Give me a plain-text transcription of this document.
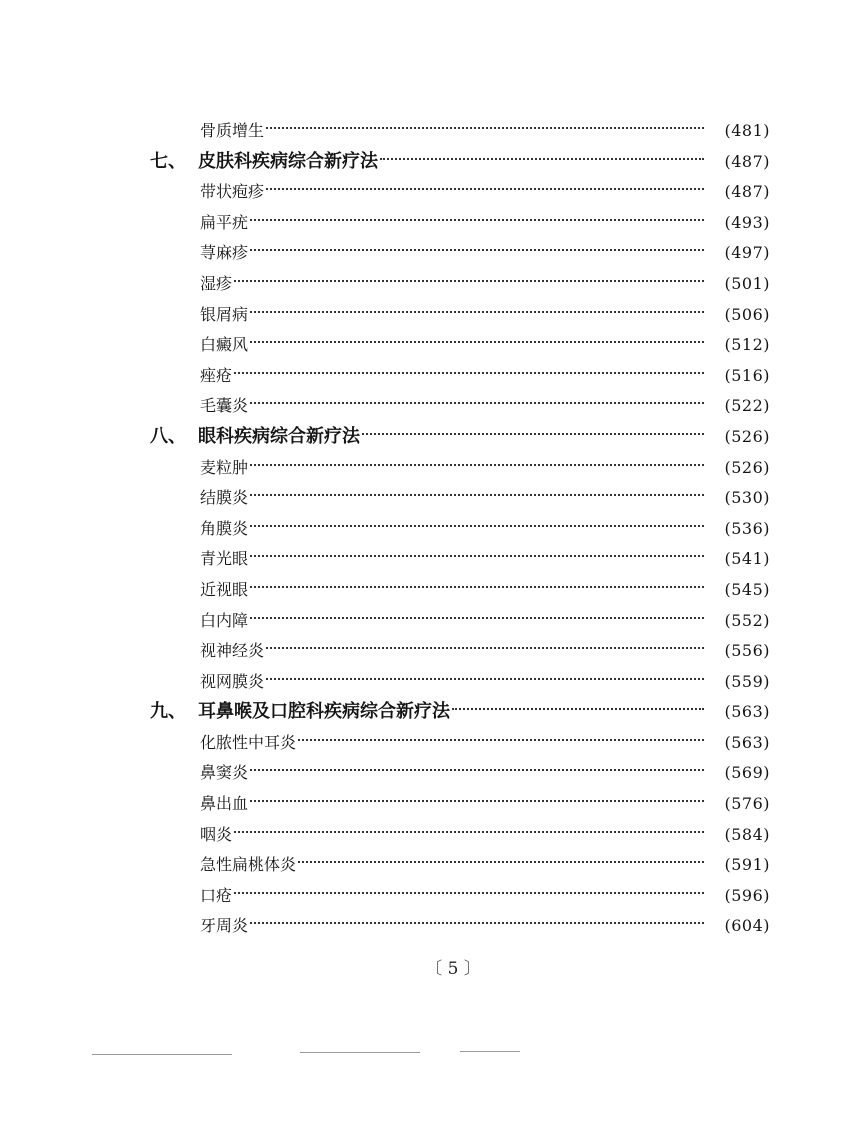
骨质增生	(481)
七、 皮肤科疾病综合新疗法	(487)
带状疱疹	(487)
扁平疣	(493)
荨麻疹	(497)
湿疹	(501)
银屑病	(506)
白癜风	(512)
痤疮	(516)
毛囊炎	(522)
八、 眼科疾病综合新疗法	(526)
麦粒肿	(526)
结膜炎	(530)
角膜炎	(536)
青光眼	(541)
近视眼	(545)
白内障	(552)
视神经炎	(556)
视网膜炎	(559)
九、 耳鼻喉及口腔科疾病综合新疗法	(563)
化脓性中耳炎	(563)
鼻窦炎	(569)
鼻出血	(576)
咽炎	(584)
急性扁桃体炎	(591)
口疮	(596)
牙周炎	(604)
〔 5 〕
